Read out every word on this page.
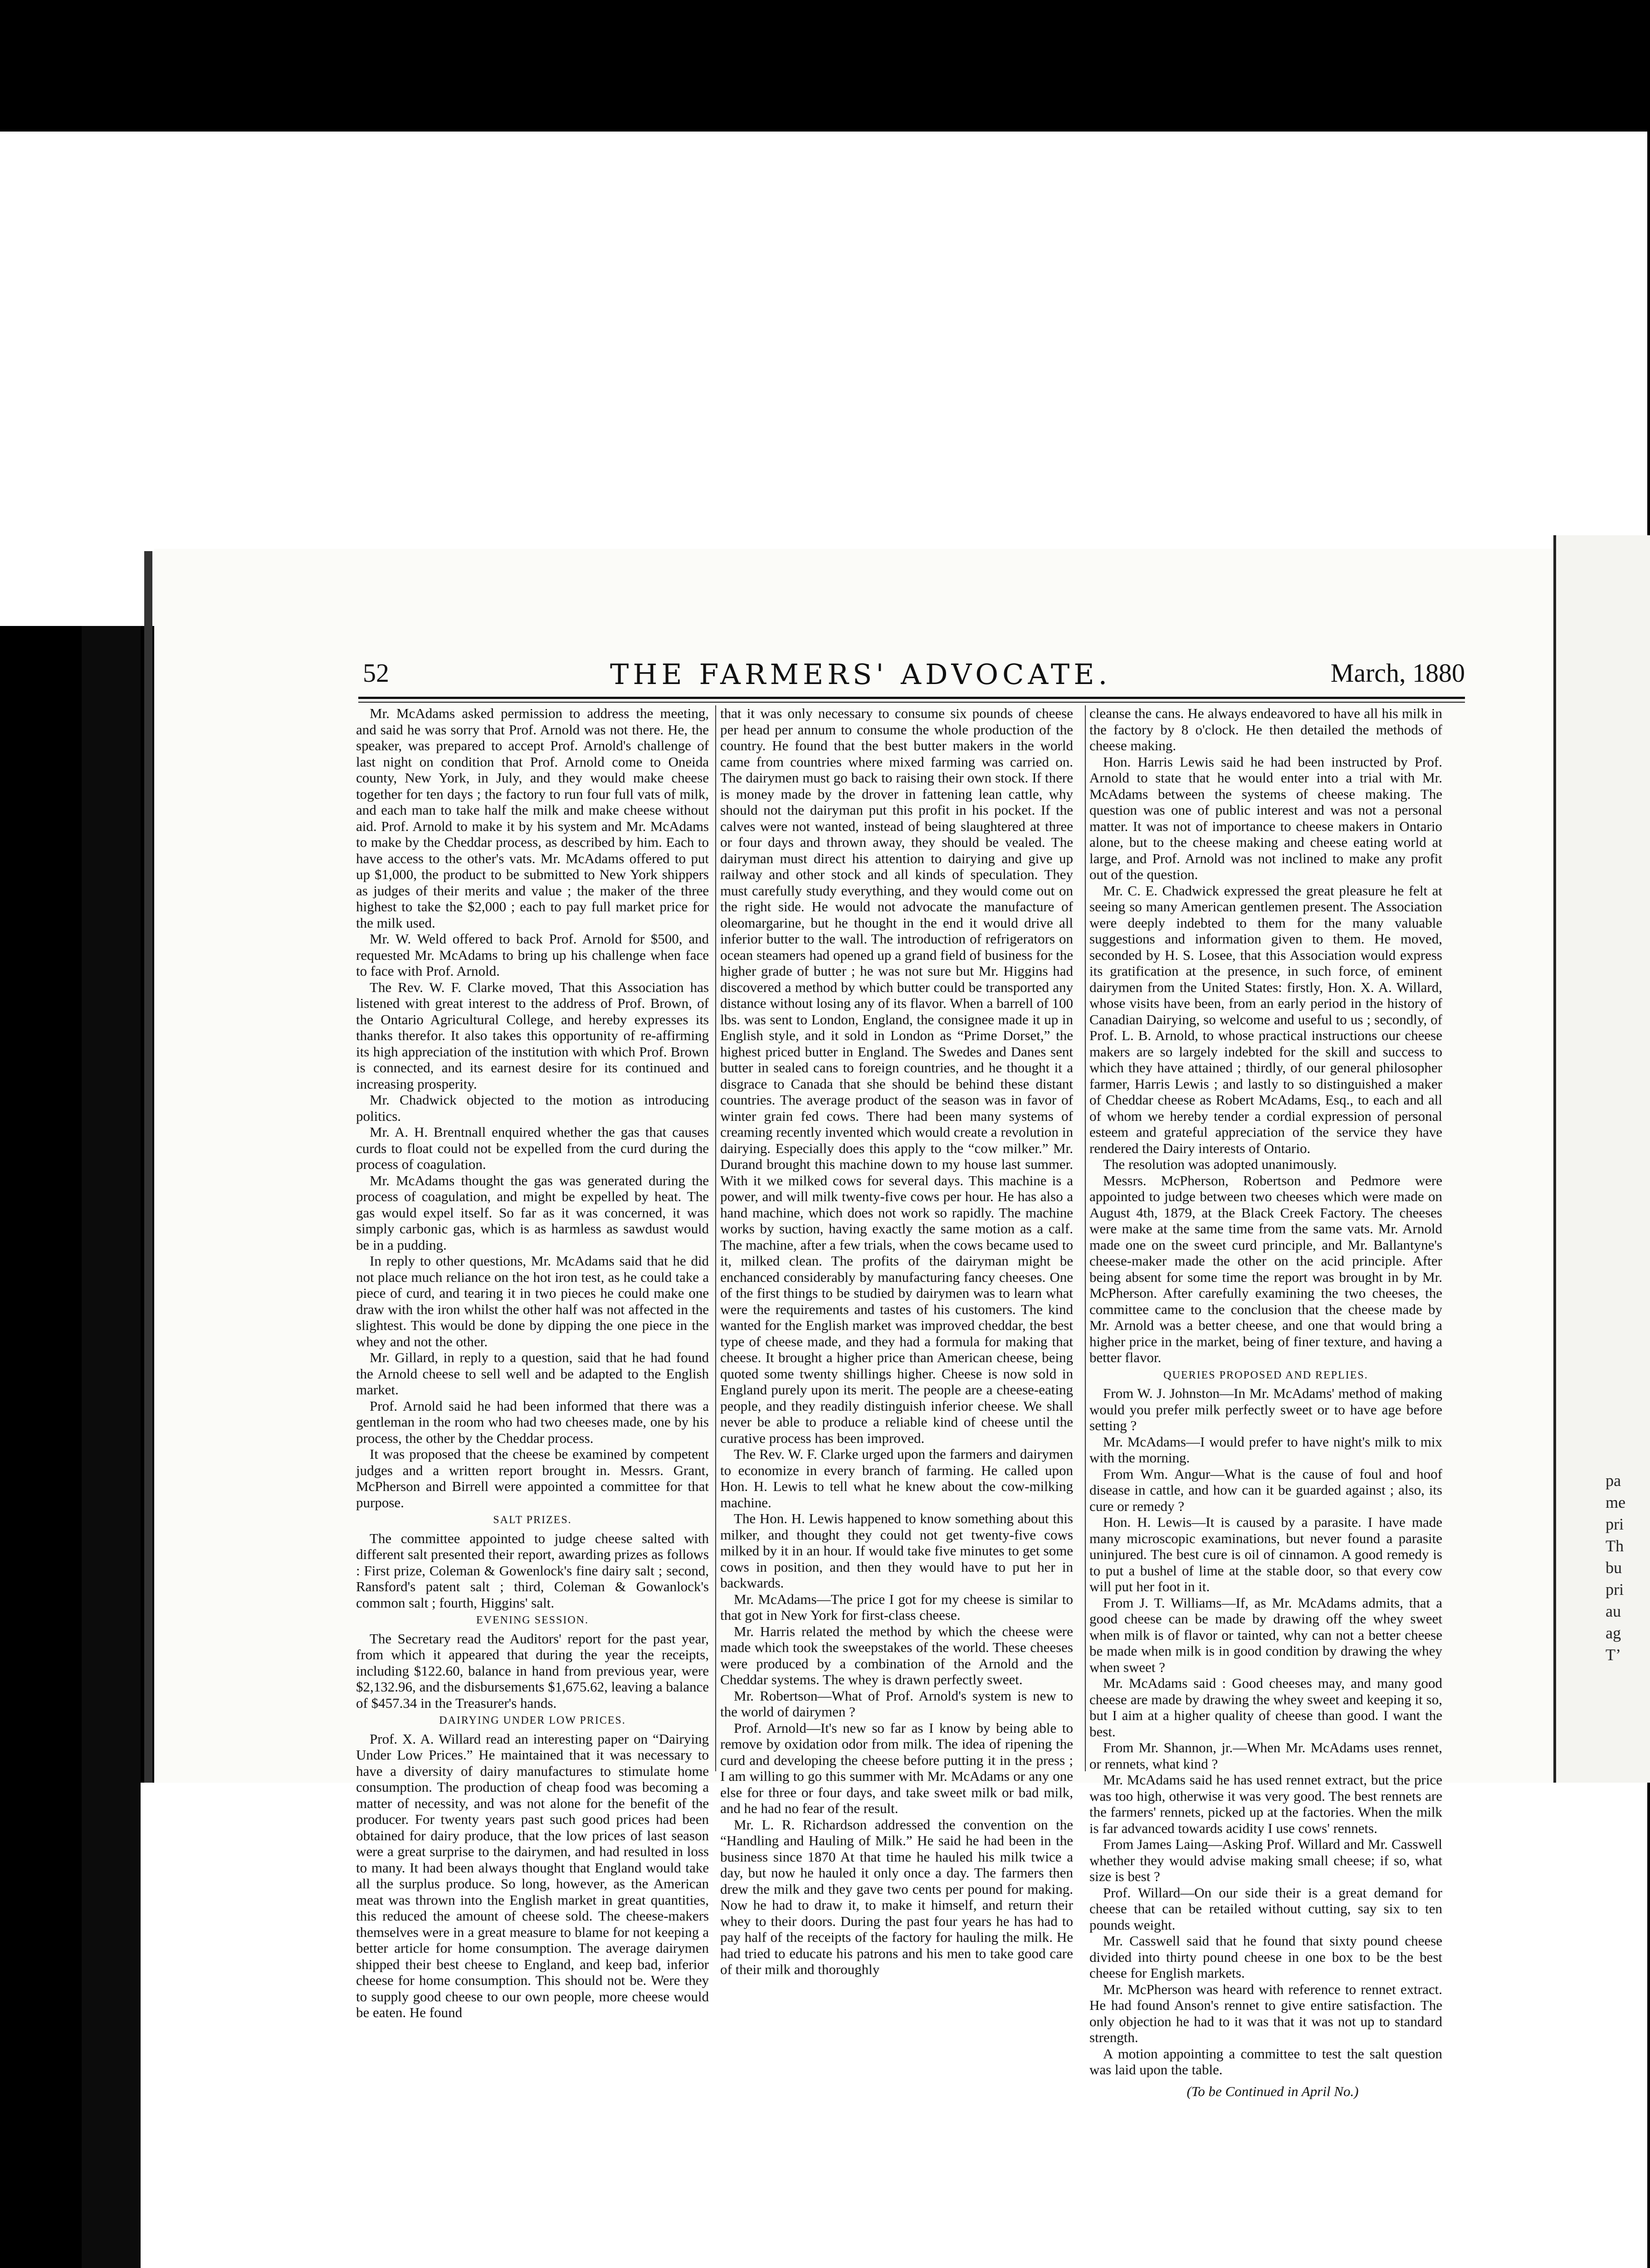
pa
me
pri
Th
bu
pri
au
ag
T’
52	THE FARMERS' ADVOCATE.	March, 1880

Mr. McAdams asked permission to address the meeting, and said he was sorry that Prof. Arnold was not there. He, the speaker, was prepared to accept Prof. Arnold's challenge of last night on condition that Prof. Arnold come to Oneida county, New York, in July, and they would make cheese together for ten days ; the factory to run four full vats of milk, and each man to take half the milk and make cheese without aid. Prof. Arnold to make it by his system and Mr. McAdams to make by the Cheddar process, as described by him. Each to have access to the other's vats. Mr. McAdams offered to put up $1,000, the product to be submitted to New York shippers as judges of their merits and value ; the maker of the three highest to take the $2,000 ; each to pay full market price for the milk used.

Mr. W. Weld offered to back Prof. Arnold for $500, and requested Mr. McAdams to bring up his challenge when face to face with Prof. Arnold.

The Rev. W. F. Clarke moved, That this Association has listened with great interest to the address of Prof. Brown, of the Ontario Agricultural College, and hereby expresses its thanks therefor. It also takes this opportunity of re-affirming its high appreciation of the institution with which Prof. Brown is connected, and its earnest desire for its continued and increasing prosperity.

Mr. Chadwick objected to the motion as introducing politics.

Mr. A. H. Brentnall enquired whether the gas that causes curds to float could not be expelled from the curd during the process of coagulation.

Mr. McAdams thought the gas was generated during the process of coagulation, and might be expelled by heat. The gas would expel itself. So far as it was concerned, it was simply carbonic gas, which is as harmless as sawdust would be in a pudding.

In reply to other questions, Mr. McAdams said that he did not place much reliance on the hot iron test, as he could take a piece of curd, and tearing it in two pieces he could make one draw with the iron whilst the other half was not affected in the slightest. This would be done by dipping the one piece in the whey and not the other.

Mr. Gillard, in reply to a question, said that he had found the Arnold cheese to sell well and be adapted to the English market.

Prof. Arnold said he had been informed that there was a gentleman in the room who had two cheeses made, one by his process, the other by the Cheddar process.

It was proposed that the cheese be examined by competent judges and a written report brought in. Messrs. Grant, McPherson and Birrell were appointed a committee for that purpose.

SALT PRIZES.

The committee appointed to judge cheese salted with different salt presented their report, awarding prizes as follows : First prize, Coleman & Gowenlock's fine dairy salt ; second, Ransford's patent salt ; third, Coleman & Gowanlock's common salt ; fourth, Higgins' salt.

EVENING SESSION.

The Secretary read the Auditors' report for the past year, from which it appeared that during the year the receipts, including $122.60, balance in hand from previous year, were $2,132.96, and the disbursements $1,675.62, leaving a balance of $457.34 in the Treasurer's hands.

DAIRYING UNDER LOW PRICES.

Prof. X. A. Willard read an interesting paper on “Dairying Under Low Prices.” He maintained that it was necessary to have a diversity of dairy manufactures to stimulate home consumption. The production of cheap food was becoming a matter of necessity, and was not alone for the benefit of the producer. For twenty years past such good prices had been obtained for dairy produce, that the low prices of last season were a great surprise to the dairymen, and had resulted in loss to many. It had been always thought that England would take all the surplus produce. So long, however, as the American meat was thrown into the English market in great quantities, this reduced the amount of cheese sold. The cheese-makers themselves were in a great measure to blame for not keeping a better article for home consumption. The average dairymen shipped their best cheese to England, and keep bad, inferior cheese for home consumption. This should not be. Were they to supply good cheese to our own people, more cheese would be eaten. He found

that it was only necessary to consume six pounds of cheese per head per annum to consume the whole production of the country. He found that the best butter makers in the world came from countries where mixed farming was carried on. The dairymen must go back to raising their own stock. If there is money made by the drover in fattening lean cattle, why should not the dairyman put this profit in his pocket. If the calves were not wanted, instead of being slaughtered at three or four days and thrown away, they should be vealed. The dairyman must direct his attention to dairying and give up railway and other stock and all kinds of speculation. They must carefully study everything, and they would come out on the right side. He would not advocate the manufacture of oleomargarine, but he thought in the end it would drive all inferior butter to the wall. The introduction of refrigerators on ocean steamers had opened up a grand field of business for the higher grade of butter ; he was not sure but Mr. Higgins had discovered a method by which butter could be transported any distance without losing any of its flavor. When a barrell of 100 lbs. was sent to London, England, the consignee made it up in English style, and it sold in London as “Prime Dorset,” the highest priced butter in England. The Swedes and Danes sent butter in sealed cans to foreign countries, and he thought it a disgrace to Canada that she should be behind these distant countries. The average product of the season was in favor of winter grain fed cows. There had been many systems of creaming recently invented which would create a revolution in dairying. Especially does this apply to the “cow milker.” Mr. Durand brought this machine down to my house last summer. With it we milked cows for several days. This machine is a power, and will milk twenty-five cows per hour. He has also a hand machine, which does not work so rapidly. The machine works by suction, having exactly the same motion as a calf. The machine, after a few trials, when the cows became used to it, milked clean. The profits of the dairyman might be enchanced considerably by manufacturing fancy cheeses. One of the first things to be studied by dairymen was to learn what were the requirements and tastes of his customers. The kind wanted for the English market was improved cheddar, the best type of cheese made, and they had a formula for making that cheese. It brought a higher price than American cheese, being quoted some twenty shillings higher. Cheese is now sold in England purely upon its merit. The people are a cheese-eating people, and they readily distinguish inferior cheese. We shall never be able to produce a reliable kind of cheese until the curative process has been improved.

The Rev. W. F. Clarke urged upon the farmers and dairymen to economize in every branch of farming. He called upon Hon. H. Lewis to tell what he knew about the cow-milking machine.

The Hon. H. Lewis happened to know something about this milker, and thought they could not get twenty-five cows milked by it in an hour. If would take five minutes to get some cows in position, and then they would have to put her in backwards.

Mr. McAdams—The price I got for my cheese is similar to that got in New York for first-class cheese.

Mr. Harris related the method by which the cheese were made which took the sweepstakes of the world. These cheeses were produced by a combination of the Arnold and the Cheddar systems. The whey is drawn perfectly sweet.

Mr. Robertson—What of Prof. Arnold's system is new to the world of dairymen ?

Prof. Arnold—It's new so far as I know by being able to remove by oxidation odor from milk. The idea of ripening the curd and developing the cheese before putting it in the press ; I am willing to go this summer with Mr. McAdams or any one else for three or four days, and take sweet milk or bad milk, and he had no fear of the result.

Mr. L. R. Richardson addressed the convention on the “Handling and Hauling of Milk.” He said he had been in the business since 1870 At that time he hauled his milk twice a day, but now he hauled it only once a day. The farmers then drew the milk and they gave two cents per pound for making. Now he had to draw it, to make it himself, and return their whey to their doors. During the past four years he has had to pay half of the receipts of the factory for hauling the milk. He had tried to educate his patrons and his men to take good care of their milk and thoroughly

cleanse the cans. He always endeavored to have all his milk in the factory by 8 o'clock. He then detailed the methods of cheese making.

Hon. Harris Lewis said he had been instructed by Prof. Arnold to state that he would enter into a trial with Mr. McAdams between the systems of cheese making. The question was one of public interest and was not a personal matter. It was not of importance to cheese makers in Ontario alone, but to the cheese making and cheese eating world at large, and Prof. Arnold was not inclined to make any profit out of the question.

Mr. C. E. Chadwick expressed the great pleasure he felt at seeing so many American gentlemen present. The Association were deeply indebted to them for the many valuable suggestions and information given to them. He moved, seconded by H. S. Losee, that this Association would express its gratification at the presence, in such force, of eminent dairymen from the United States: firstly, Hon. X. A. Willard, whose visits have been, from an early period in the history of Canadian Dairying, so welcome and useful to us ; secondly, of Prof. L. B. Arnold, to whose practical instructions our cheese makers are so largely indebted for the skill and success to which they have attained ; thirdly, of our general philosopher farmer, Harris Lewis ; and lastly to so distinguished a maker of Cheddar cheese as Robert McAdams, Esq., to each and all of whom we hereby tender a cordial expression of personal esteem and grateful appreciation of the service they have rendered the Dairy interests of Ontario.

The resolution was adopted unanimously.

Messrs. McPherson, Robertson and Pedmore were appointed to judge between two cheeses which were made on August 4th, 1879, at the Black Creek Factory. The cheeses were make at the same time from the same vats. Mr. Arnold made one on the sweet curd principle, and Mr. Ballantyne's cheese-maker made the other on the acid principle. After being absent for some time the report was brought in by Mr. McPherson. After carefully examining the two cheeses, the committee came to the conclusion that the cheese made by Mr. Arnold was a better cheese, and one that would bring a higher price in the market, being of finer texture, and having a better flavor.

QUERIES PROPOSED AND REPLIES.

From W. J. Johnston—In Mr. McAdams' method of making would you prefer milk perfectly sweet or to have age before setting ?

Mr. McAdams—I would prefer to have night's milk to mix with the morning.

From Wm. Angur—What is the cause of foul and hoof disease in cattle, and how can it be guarded against ; also, its cure or remedy ?

Hon. H. Lewis—It is caused by a parasite. I have made many microscopic examinations, but never found a parasite uninjured. The best cure is oil of cinnamon. A good remedy is to put a bushel of lime at the stable door, so that every cow will put her foot in it.

From J. T. Williams—If, as Mr. McAdams admits, that a good cheese can be made by drawing off the whey sweet when milk is of flavor or tainted, why can not a better cheese be made when milk is in good condition by drawing the whey when sweet ?

Mr. McAdams said : Good cheeses may, and many good cheese are made by drawing the whey sweet and keeping it so, but I aim at a higher quality of cheese than good. I want the best.

From Mr. Shannon, jr.—When Mr. McAdams uses rennet, or rennets, what kind ?

Mr. McAdams said he has used rennet extract, but the price was too high, otherwise it was very good. The best rennets are the farmers' rennets, picked up at the factories. When the milk is far advanced towards acidity I use cows' rennets.

From James Laing—Asking Prof. Willard and Mr. Casswell whether they would advise making small cheese; if so, what size is best ?

Prof. Willard—On our side their is a great demand for cheese that can be retailed without cutting, say six to ten pounds weight.

Mr. Casswell said that he found that sixty pound cheese divided into thirty pound cheese in one box to be the best cheese for English markets.

Mr. McPherson was heard with reference to rennet extract. He had found Anson's rennet to give entire satisfaction. The only objection he had to it was that it was not up to standard strength.

A motion appointing a committee to test the salt question was laid upon the table.

(To be Continued in April No.)
